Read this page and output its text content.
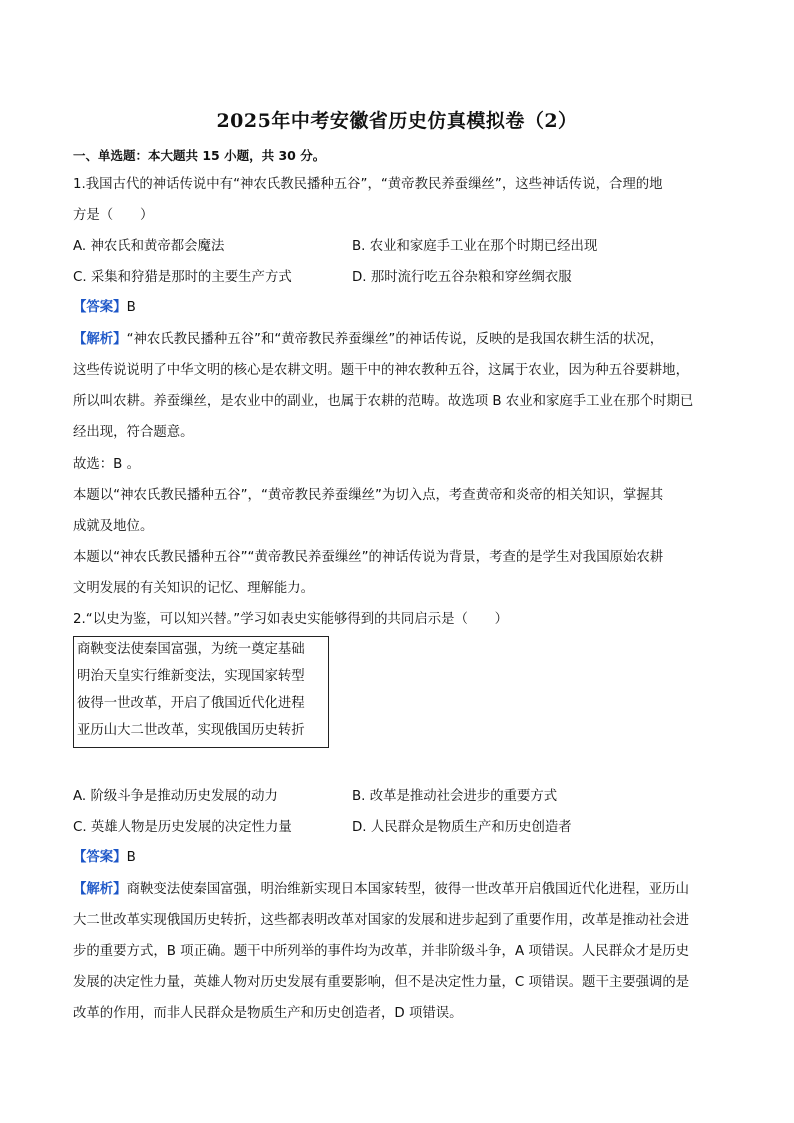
2025年中考安徽省历史仿真模拟卷（2）
一、单选题：本大题共 15 小题，共 30 分。
1.我国古代的神话传说中有“神农氏教民播种五谷”，“黄帝教民养蚕缫丝”，这些神话传说，合理的地
方是（　　）
A. 神农氏和黄帝都会魔法	B. 农业和家庭手工业在那个时期已经出现
C. 采集和狩猎是那时的主要生产方式	D. 那时流行吃五谷杂粮和穿丝绸衣服
【答案】B
【解析】“神农氏教民播种五谷”和“黄帝教民养蚕缫丝”的神话传说，反映的是我国农耕生活的状况，
这些传说说明了中华文明的核心是农耕文明。题干中的神农教种五谷，这属于农业，因为种五谷要耕地，
所以叫农耕。养蚕缫丝，是农业中的副业，也属于农耕的范畴。故选项 B 农业和家庭手工业在那个时期已
经出现，符合题意。
故选：B 。
本题以“神农氏教民播种五谷”，“黄帝教民养蚕缫丝”为切入点，考查黄帝和炎帝的相关知识，掌握其
成就及地位。
本题以“神农氏教民播种五谷”“黄帝教民养蚕缫丝”的神话传说为背景，考查的是学生对我国原始农耕
文明发展的有关知识的记忆、理解能力。
2.“以史为鉴，可以知兴替。”学习如表史实能够得到的共同启示是（　　）
商鞅变法使秦国富强，为统一奠定基础
明治天皇实行维新变法，实现国家转型
彼得一世改革，开启了俄国近代化进程
亚历山大二世改革，实现俄国历史转折
A. 阶级斗争是推动历史发展的动力	B. 改革是推动社会进步的重要方式
C. 英雄人物是历史发展的决定性力量	D. 人民群众是物质生产和历史创造者
【答案】B
【解析】商鞅变法使秦国富强，明治维新实现日本国家转型，彼得一世改革开启俄国近代化进程，亚历山
大二世改革实现俄国历史转折，这些都表明改革对国家的发展和进步起到了重要作用，改革是推动社会进
步的重要方式，B 项正确。题干中所列举的事件均为改革，并非阶级斗争，A 项错误。人民群众才是历史
发展的决定性力量，英雄人物对历史发展有重要影响，但不是决定性力量，C 项错误。题干主要强调的是
改革的作用，而非人民群众是物质生产和历史创造者，D 项错误。
